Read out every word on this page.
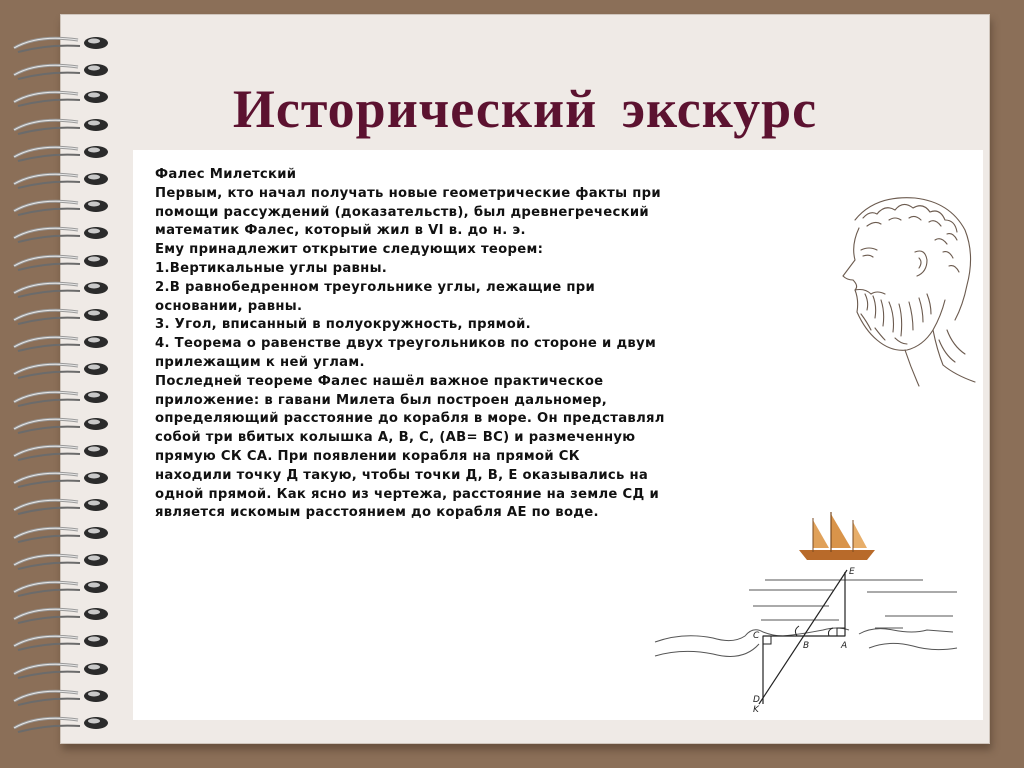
Исторический экскурс
Фалес Милетский
Первым, кто начал получать новые геометрические факты при
помощи рассуждений (доказательств), был древнегреческий
математик Фалес, который жил в VI в. до н. э.
Ему принадлежит открытие следующих теорем:
1.Вертикальные углы равны.
2.В равнобедренном треугольнике углы, лежащие при
основании, равны.
3. Угол, вписанный в полуокружность, прямой.
4. Теорема о равенстве двух треугольников по стороне и двум
прилежащим к ней углам.
Последней теореме Фалес нашёл важное практическое
приложение: в гавани Милета был построен дальномер,
определяющий расстояние до корабля в море. Он представлял
собой три вбитых колышка А, В, С, (АВ= ВС) и размеченную
прямую СК СА. При появлении корабля на прямой СК
находили точку Д такую, чтобы точки Д, В, Е оказывались на
одной прямой. Как ясно из чертежа, расстояние на земле СД и
является искомым расстоянием до корабля АЕ по воде.
E
C
B	A
D
K
